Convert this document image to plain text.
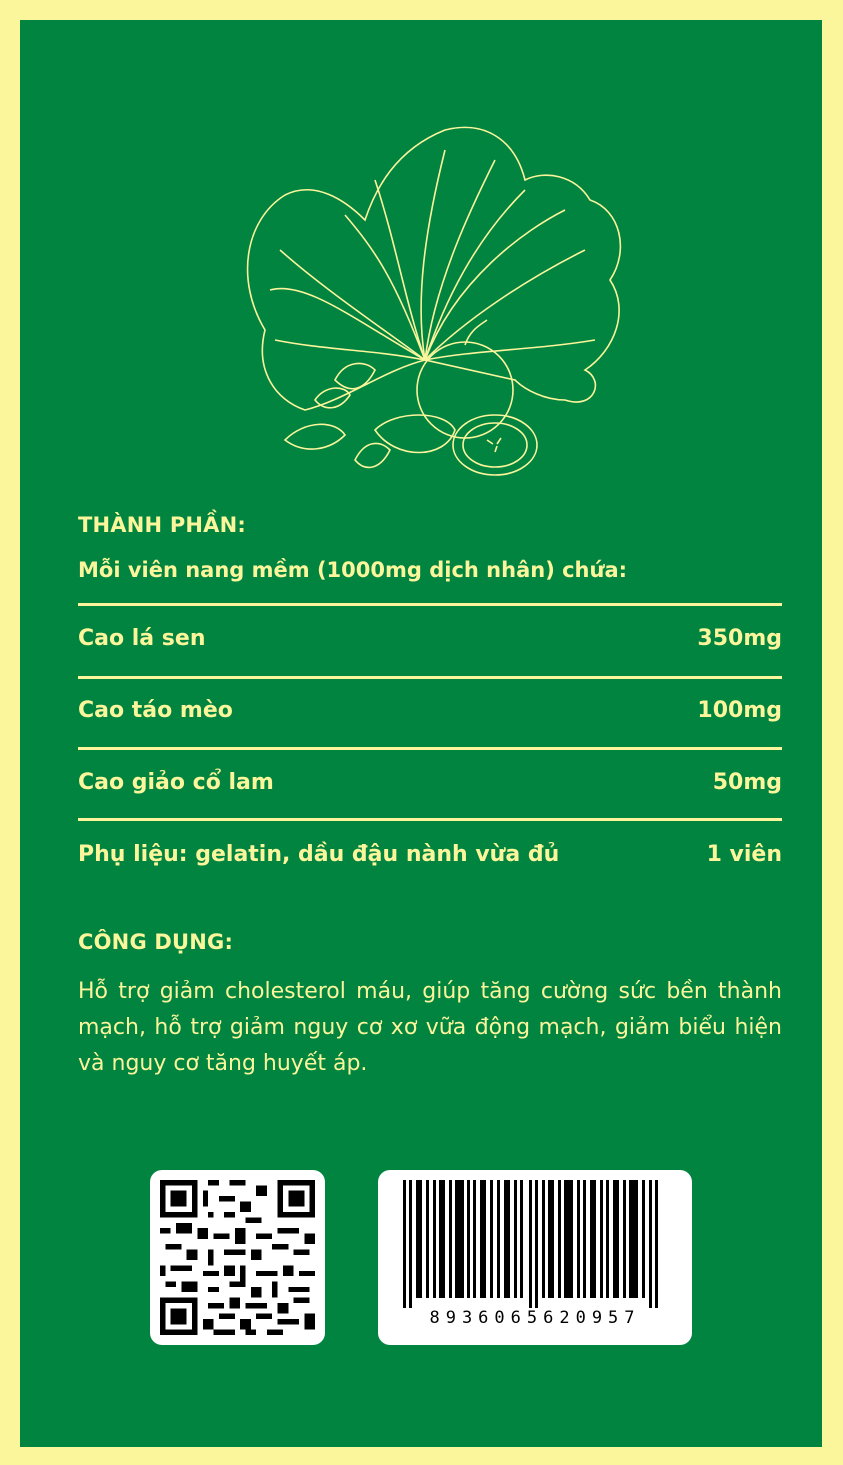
THÀNH PHẦN:
Mỗi viên nang mềm (1000mg dịch nhân) chứa:
Cao lá sen	350mg
Cao táo mèo	100mg
Cao giảo cổ lam	50mg
Phụ liệu: gelatin, dầu đậu nành vừa đủ	1 viên
CÔNG DỤNG:
Hỗ trợ giảm cholesterol máu, giúp tăng cường sức bền thành mạch, hỗ trợ giảm nguy cơ xơ vữa động mạch, giảm biểu hiện và nguy cơ tăng huyết áp.
8936065620957
